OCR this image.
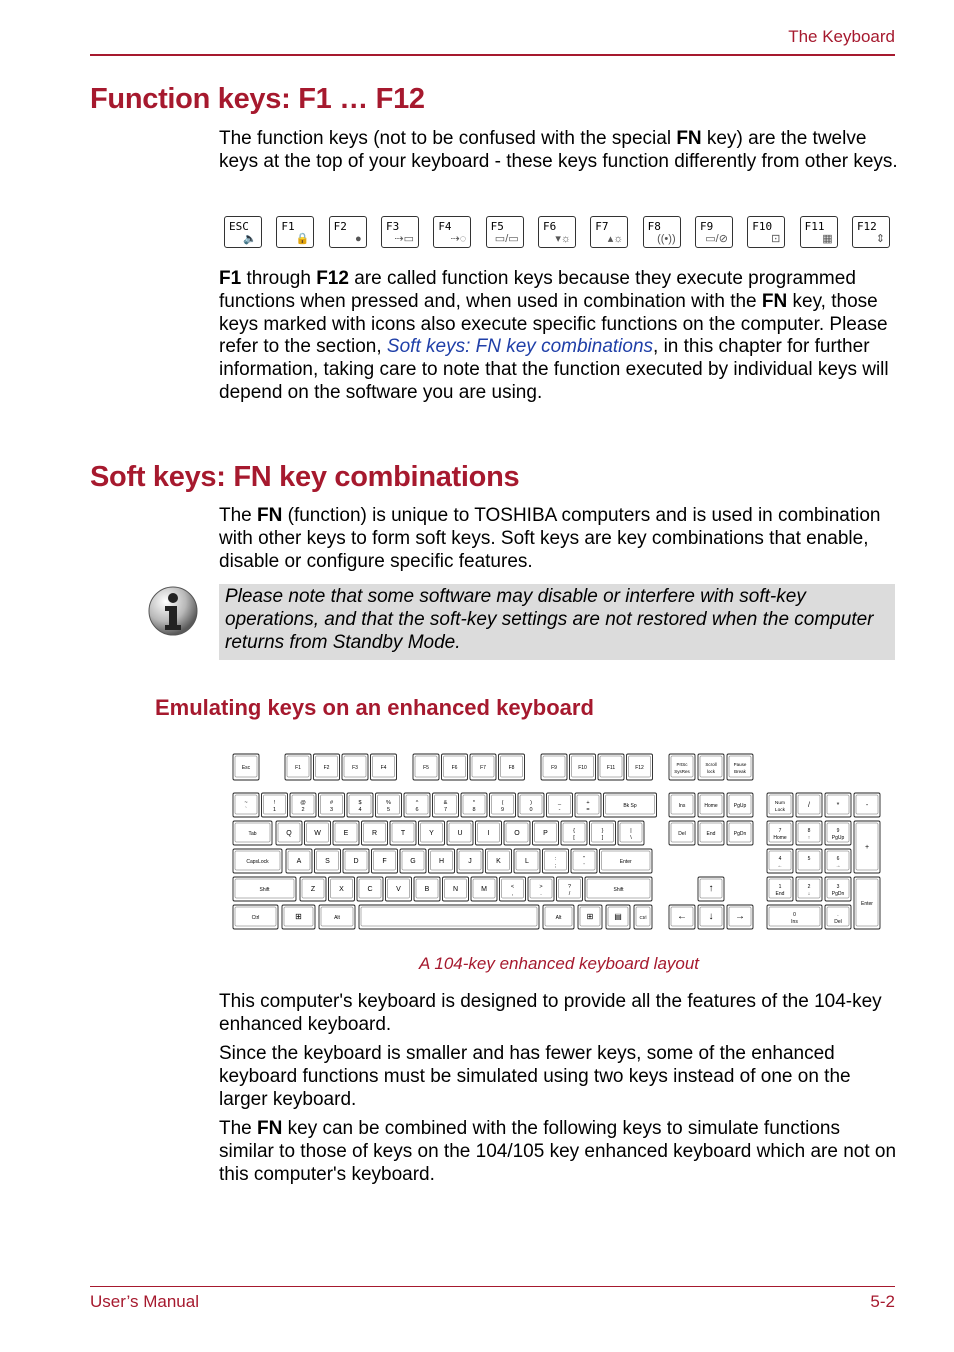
The Keyboard
Function keys: F1 … F12

The function keys (not to be confused with the special FN key) are the twelve keys at the top of your keyboard - these keys function differently from other keys.

ESC
🔈
F1
🔒
F2
●
F3
⇢▭
F4
⇢◌
F5
▭/▭
F6
▾☼
F7
▴☼
F8
((•))
F9
▭/⊘
F10
⊡
F11
▦
F12
⇕

F1 through F12 are called function keys because they execute programmed functions when pressed and, when used in combination with the FN key, those keys marked with icons also execute specific functions on the computer. Please refer to the section, Soft keys: FN key combinations, in this chapter for further information, taking care to note that the function executed by individual keys will depend on the software you are using.

Soft keys: FN key combinations

The FN (function) is unique to TOSHIBA computers and is used in combination with other keys to form soft keys. Soft keys are key combinations that enable, disable or configure specific features.

Please note that some software may disable or interfere with soft-key operations, and that the soft-key settings are not restored when the computer returns from Standby Mode.
Emulating keys on an enhanced keyboard
Esc	F1	F2	F3	F4	F5	F6	F7	F8	F9	F10	F11	F12
PrtSc
SysRes
Scroll
lock
Pause
Break
~
`
!
1
@
2
#
3
$
4
%
5
^
6
&
7
*
8
(
9
)
0
_
-
+
=
Bk Sp
Tab	Q	W	E	R	T	Y	U	I	O	P	{
[
}
]
|
\
CapsLock	A	S	D	F	G	H	J	K	L	:
;
"
'
Enter
Shift	Z	X	C	V	B	N	M	<
,
>
.
?
/
Shift
Ctrl	⊞	Alt	Alt	⊞	▤	Ctrl
Ins	Home	PgUp
Del	End	PgDn
↑
← ↓ →
Num
Lock
/	*	-
7
Home
8
↑
9
PgUp
4
←
5	6
→
1
End
2
↓
3
PgDn
0
Ins
.
Del
+
Enter
A 104-key enhanced keyboard layout

This computer's keyboard is designed to provide all the features of the 104-key enhanced keyboard.

Since the keyboard is smaller and has fewer keys, some of the enhanced keyboard functions must be simulated using two keys instead of one on the larger keyboard.

The FN key can be combined with the following keys to simulate functions similar to those of keys on the 104/105 key enhanced keyboard which are not on this computer's keyboard.

User’s Manual	5-2
